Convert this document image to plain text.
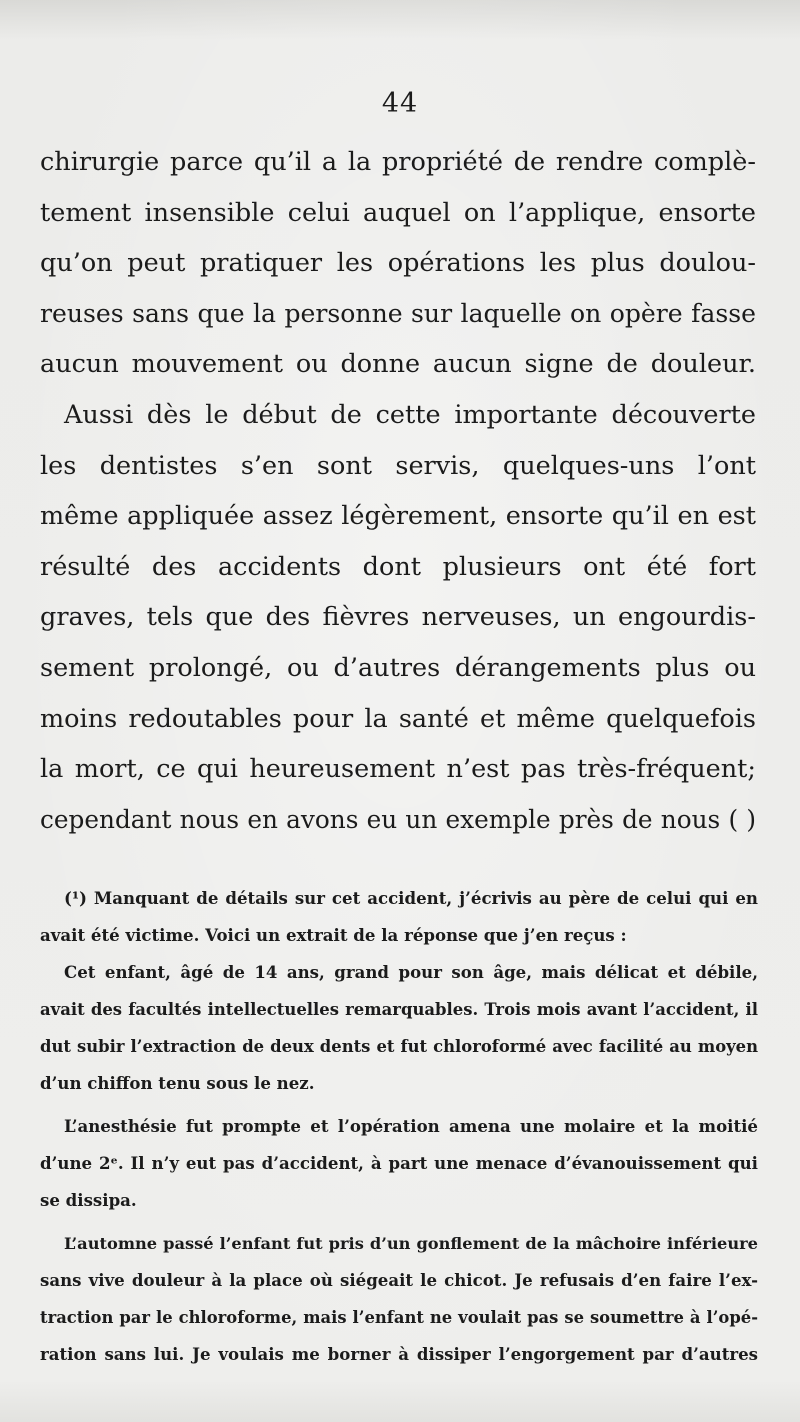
44
chirurgie parce qu’il a la propriété de rendre complè-
tement insensible celui auquel on l’applique, ensorte
qu’on peut pratiquer les opérations les plus doulou-
reuses sans que la personne sur laquelle on opère fasse
aucun mouvement ou donne aucun signe de douleur.
Aussi dès le début de cette importante découverte
les dentistes s’en sont servis, quelques-uns l’ont
même appliquée assez légèrement, ensorte qu’il en est
résulté des accidents dont plusieurs ont été fort
graves, tels que des fièvres nerveuses, un engourdis-
sement prolongé, ou d’autres dérangements plus ou
moins redoutables pour la santé et même quelquefois
la mort, ce qui heureusement n’est pas très-fréquent;
cependant nous en avons eu un exemple près de nous ( )
(¹) Manquant de détails sur cet accident, j’écrivis au père de celui qui en
avait été victime. Voici un extrait de la réponse que j’en reçus :
Cet enfant, âgé de 14 ans, grand pour son âge, mais délicat et débile,
avait des facultés intellectuelles remarquables. Trois mois avant l’accident, il
dut subir l’extraction de deux dents et fut chloroformé avec facilité au moyen
d’un chiffon tenu sous le nez.
L’anesthésie fut prompte et l’opération amena une molaire et la moitié
d’une 2ᵉ. Il n’y eut pas d’accident, à part une menace d’évanouissement qui
se dissipa.
L’automne passé l’enfant fut pris d’un gonflement de la mâchoire inférieure
sans vive douleur à la place où siégeait le chicot. Je refusais d’en faire l’ex-
traction par le chloroforme, mais l’enfant ne voulait pas se soumettre à l’opé-
ration sans lui. Je voulais me borner à dissiper l’engorgement par d’autres
